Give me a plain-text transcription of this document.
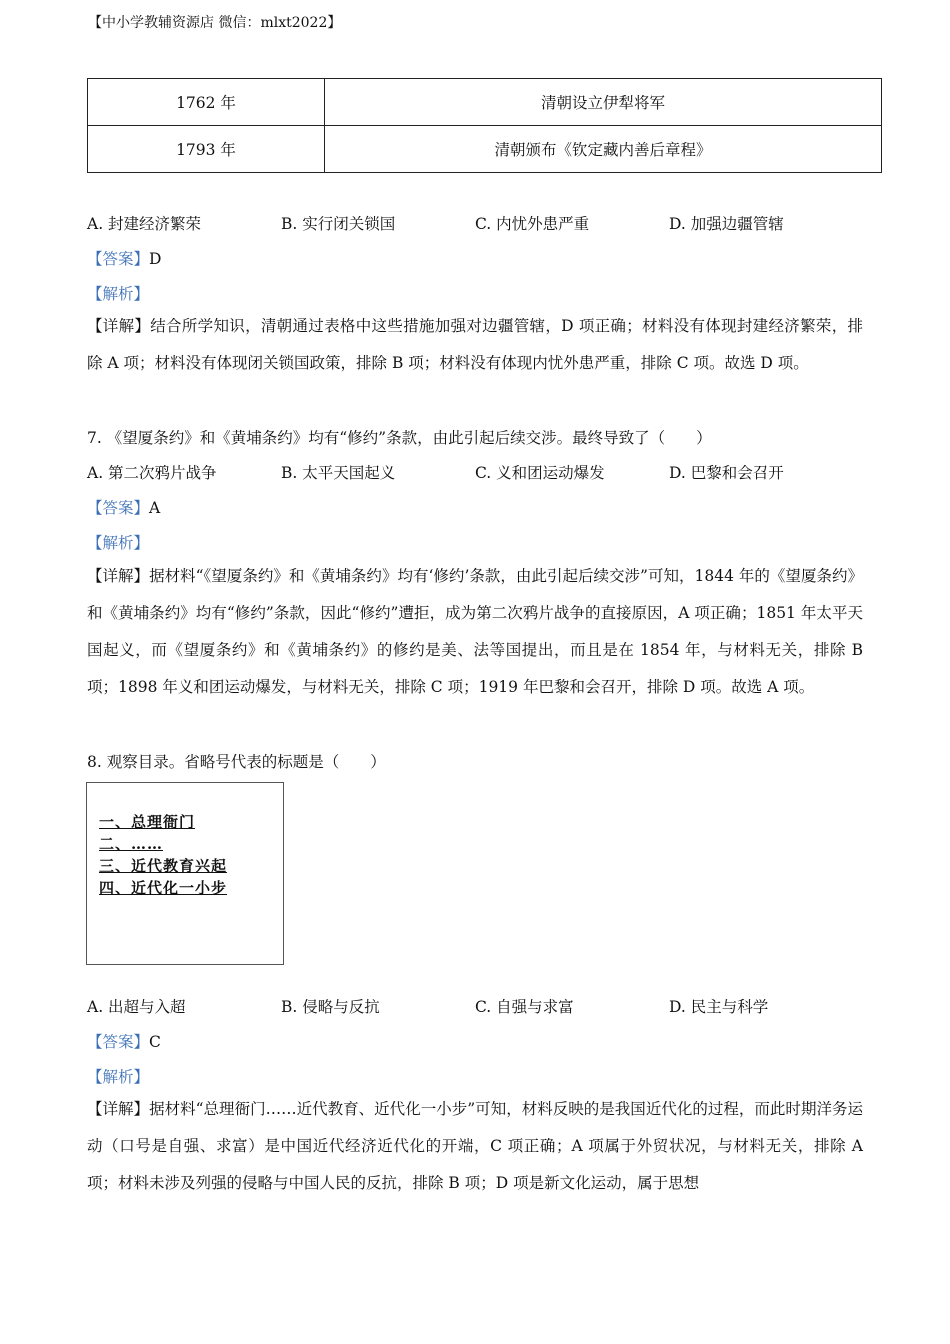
【中小学教辅资源店 微信：mlxt2022】
1762 年	清朝设立伊犁将军
1793 年	清朝颁布《钦定藏内善后章程》
A. 封建经济繁荣	B. 实行闭关锁国	C. 内忧外患严重	D. 加强边疆管辖
【答案】D
【解析】
【详解】结合所学知识，清朝通过表格中这些措施加强对边疆管辖，D 项正确；材料没有体现封建经济繁荣，排除 A 项；材料没有体现闭关锁国政策，排除 B 项；材料没有体现内忧外患严重，排除 C 项。故选 D 项。
7. 《望厦条约》和《黄埔条约》均有“修约”条款，由此引起后续交涉。最终导致了（　　）
A. 第二次鸦片战争	B. 太平天国起义	C. 义和团运动爆发	D. 巴黎和会召开
【答案】A
【解析】
【详解】据材料“《望厦条约》和《黄埔条约》均有‘修约’条款，由此引起后续交涉”可知，1844 年的《望厦条约》和《黄埔条约》均有“修约”条款，因此“修约”遭拒，成为第二次鸦片战争的直接原因，A 项正确；1851 年太平天国起义，而《望厦条约》和《黄埔条约》的修约是美、法等国提出，而且是在 1854 年，与材料无关，排除 B 项；1898 年义和团运动爆发，与材料无关，排除 C 项；1919 年巴黎和会召开，排除 D 项。故选 A 项。
8. 观察目录。省略号代表的标题是（　　）
一、总理衙门
二、……
三、近代教育兴起
四、近代化一小步
A. 出超与入超	B. 侵略与反抗	C. 自强与求富	D. 民主与科学
【答案】C
【解析】
【详解】据材料“总理衙门……近代教育、近代化一小步”可知，材料反映的是我国近代化的过程，而此时期洋务运动（口号是自强、求富）是中国近代经济近代化的开端，C 项正确；A 项属于外贸状况，与材料无关，排除 A 项；材料未涉及列强的侵略与中国人民的反抗，排除 B 项；D 项是新文化运动，属于思想
